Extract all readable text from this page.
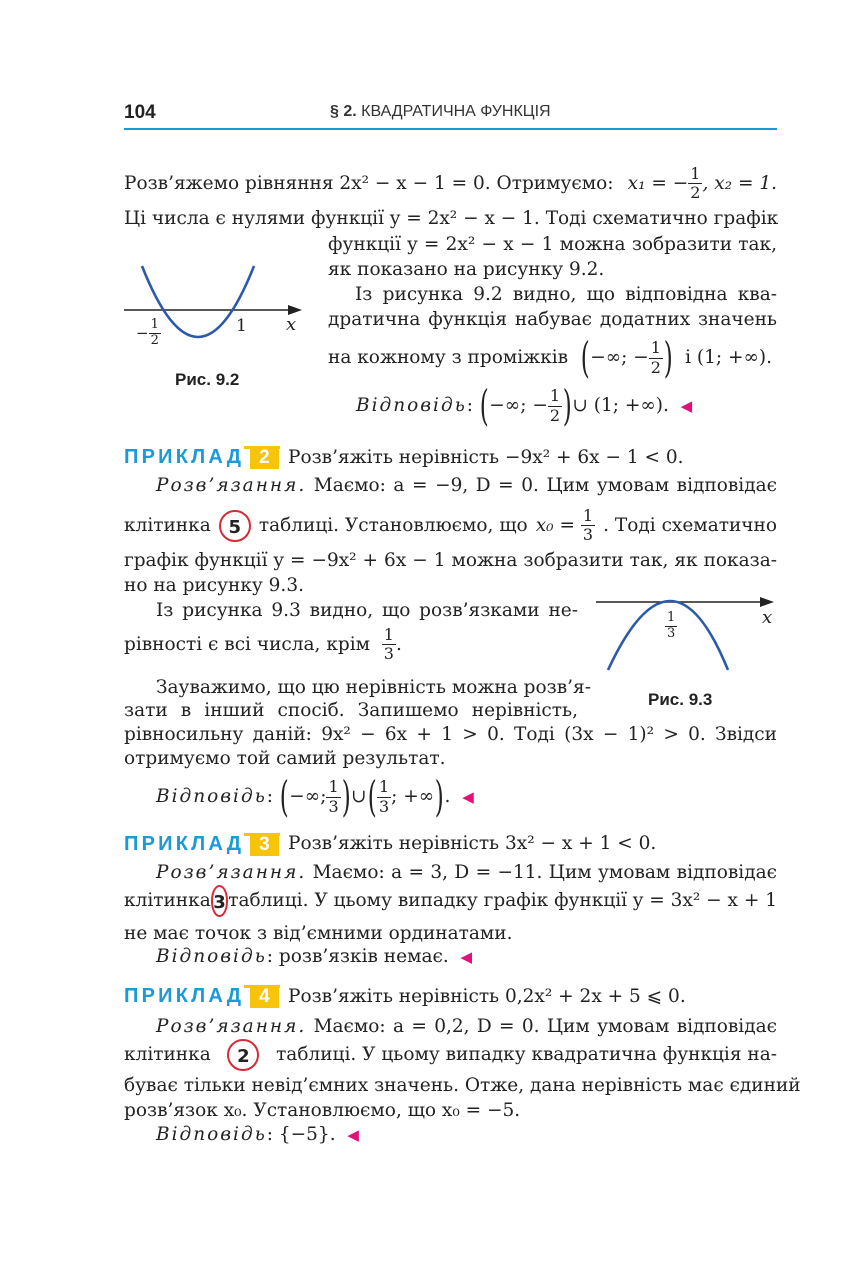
104	§ 2. КВАДРАТИЧНА ФУНКЦІЯ
Розв’яжемо рівняння 2x² − x − 1 = 0. Отримуємо: x₁ = − $\frac{1}{2}$ , x₂ = 1.
Ці числа є нулями функції y = 2x² − x − 1. Тоді схематично графік
функції y = 2x² − x − 1 можна зобразити так,
як показано на рисунку 9.2.
Із рисунка 9.2 видно, що відповідна ква-
дратична функція набуває додатних значень
на кожному з проміжків
( −∞; − $\frac{1}{2}$ )
і (1; +∞).
Відповідь :
( −∞; − $\frac{1}{2}$ ) ∪ (1; +∞).
◀
− $\frac{1}{2}$	1 x
Рис. 9.2
ПРИКЛАД 2 Розв’яжіть нерівність −9x² + 6x − 1 < 0.
Розв’язання. Маємо: a = −9, D = 0. Цим умовам відповідає
клітинка 5 таблиці. Установлюємо, що x₀ =
$\frac{1}{3}$ . Тоді схематично
графік функції y = −9x² + 6x − 1 можна зобразити так, як показа-
но на рисунку 9.3.
Із рисунка 9.3 видно, що розв’язками не-
рівності є всі числа, крім
$\frac{1}{3}$ .
Зауважимо, що цю нерівність можна розв’я-
зати в інший спосіб. Запишемо нерівність,
рівносильну даній: 9x² − 6x + 1 > 0. Тоді (3x − 1)² > 0. Звідси
отримуємо той самий результат.
Відповідь :
( −∞; $\frac{1}{3}$ ) ∪ ( $\frac{1}{3}$ ; +∞ ) .
◀
$\frac{1}{3}$	x
Рис. 9.3
ПРИКЛАД 3 Розв’яжіть нерівність 3x² − x + 1 < 0.
Розв’язання. Маємо: a = 3, D = −11. Цим умовам відповідає
клітинка 3 таблиці. У цьому випадку графік функції y = 3x² − x + 1
не має точок з від’ємними ординатами.
Відповідь: розв’язків немає. ◀
ПРИКЛАД 4 Розв’яжіть нерівність 0,2x² + 2x + 5 ⩽ 0.
Розв’язання. Маємо: a = 0,2, D = 0. Цим умовам відповідає
клітинка	2	таблиці. У цьому випадку квадратична функція на-
буває тільки невід’ємних значень. Отже, дана нерівність має єдиний
розв’язок x₀. Установлюємо, що x₀ = −5.
Відповідь: {−5}. ◀
